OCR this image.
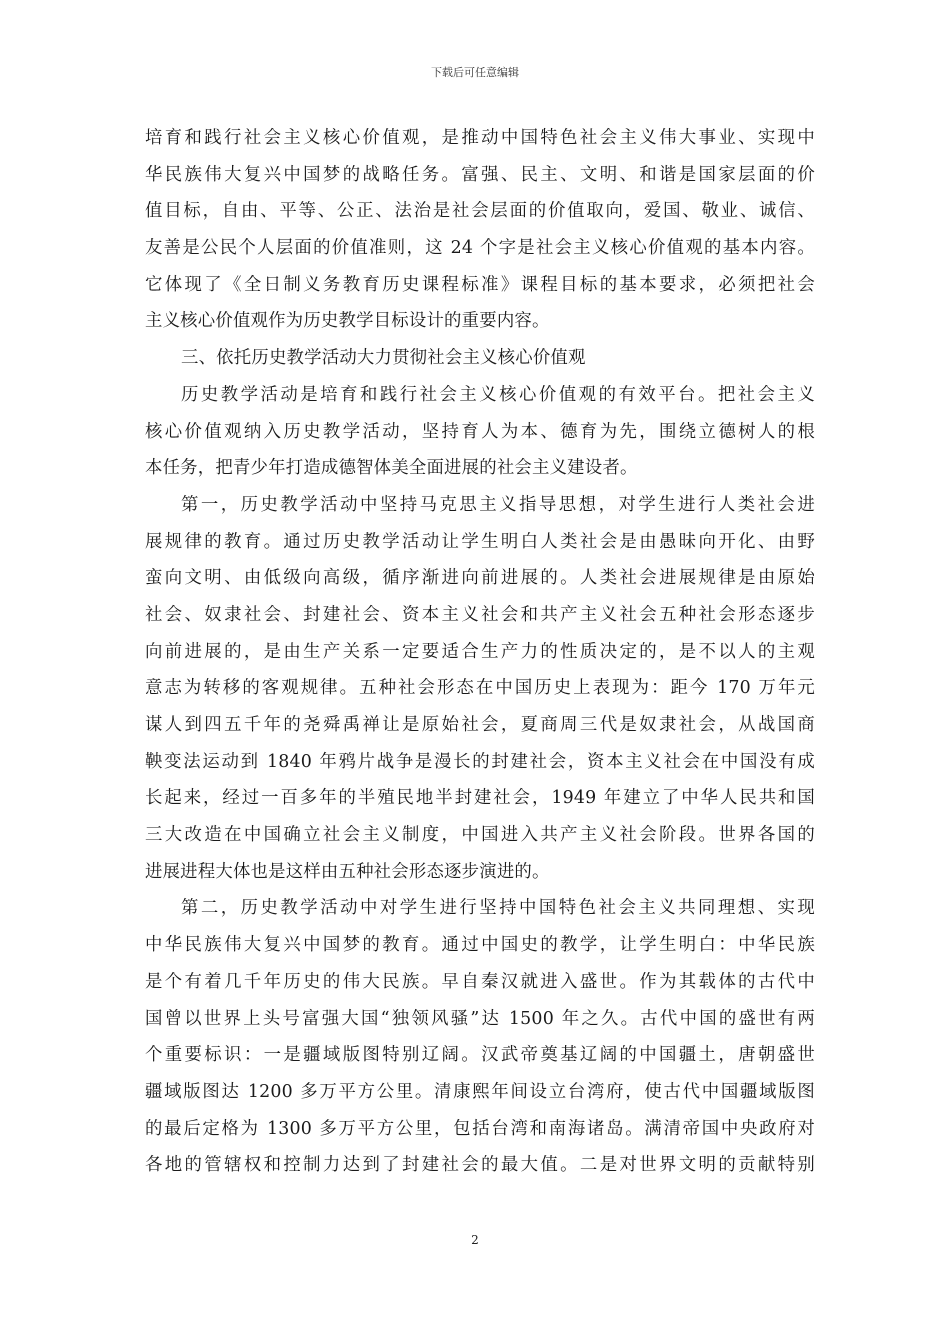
下载后可任意编辑
培育和践行社会主义核心价值观，是推动中国特色社会主义伟大事业、实现中
华民族伟大复兴中国梦的战略任务。富强、民主、文明、和谐是国家层面的价
值目标，自由、平等、公正、法治是社会层面的价值取向，爱国、敬业、诚信、
友善是公民个人层面的价值准则，这 24 个字是社会主义核心价值观的基本内容。
它体现了《全日制义务教育历史课程标准》课程目标的基本要求，必须把社会
主义核心价值观作为历史教学目标设计的重要内容。
三、依托历史教学活动大力贯彻社会主义核心价值观
历史教学活动是培育和践行社会主义核心价值观的有效平台。把社会主义
核心价值观纳入历史教学活动，坚持育人为本、德育为先，围绕立德树人的根
本任务，把青少年打造成德智体美全面进展的社会主义建设者。
第一，历史教学活动中坚持马克思主义指导思想，对学生进行人类社会进
展规律的教育。通过历史教学活动让学生明白人类社会是由愚昧向开化、由野
蛮向文明、由低级向高级，循序渐进向前进展的。人类社会进展规律是由原始
社会、奴隶社会、封建社会、资本主义社会和共产主义社会五种社会形态逐步
向前进展的，是由生产关系一定要适合生产力的性质决定的，是不以人的主观
意志为转移的客观规律。五种社会形态在中国历史上表现为：距今 170 万年元
谋人到四五千年的尧舜禹禅让是原始社会，夏商周三代是奴隶社会，从战国商
鞅变法运动到 1840 年鸦片战争是漫长的封建社会，资本主义社会在中国没有成
长起来，经过一百多年的半殖民地半封建社会，1949 年建立了中华人民共和国
三大改造在中国确立社会主义制度，中国进入共产主义社会阶段。世界各国的
进展进程大体也是这样由五种社会形态逐步演进的。
第二，历史教学活动中对学生进行坚持中国特色社会主义共同理想、实现
中华民族伟大复兴中国梦的教育。通过中国史的教学，让学生明白：中华民族
是个有着几千年历史的伟大民族。早自秦汉就进入盛世。作为其载体的古代中
国曾以世界上头号富强大国“独领风骚”达 1500 年之久。古代中国的盛世有两
个重要标识：一是疆域版图特别辽阔。汉武帝奠基辽阔的中国疆土，唐朝盛世
疆域版图达 1200 多万平方公里。清康熙年间设立台湾府，使古代中国疆域版图
的最后定格为 1300 多万平方公里，包括台湾和南海诸岛。满清帝国中央政府对
各地的管辖权和控制力达到了封建社会的最大值。二是对世界文明的贡献特别
2
